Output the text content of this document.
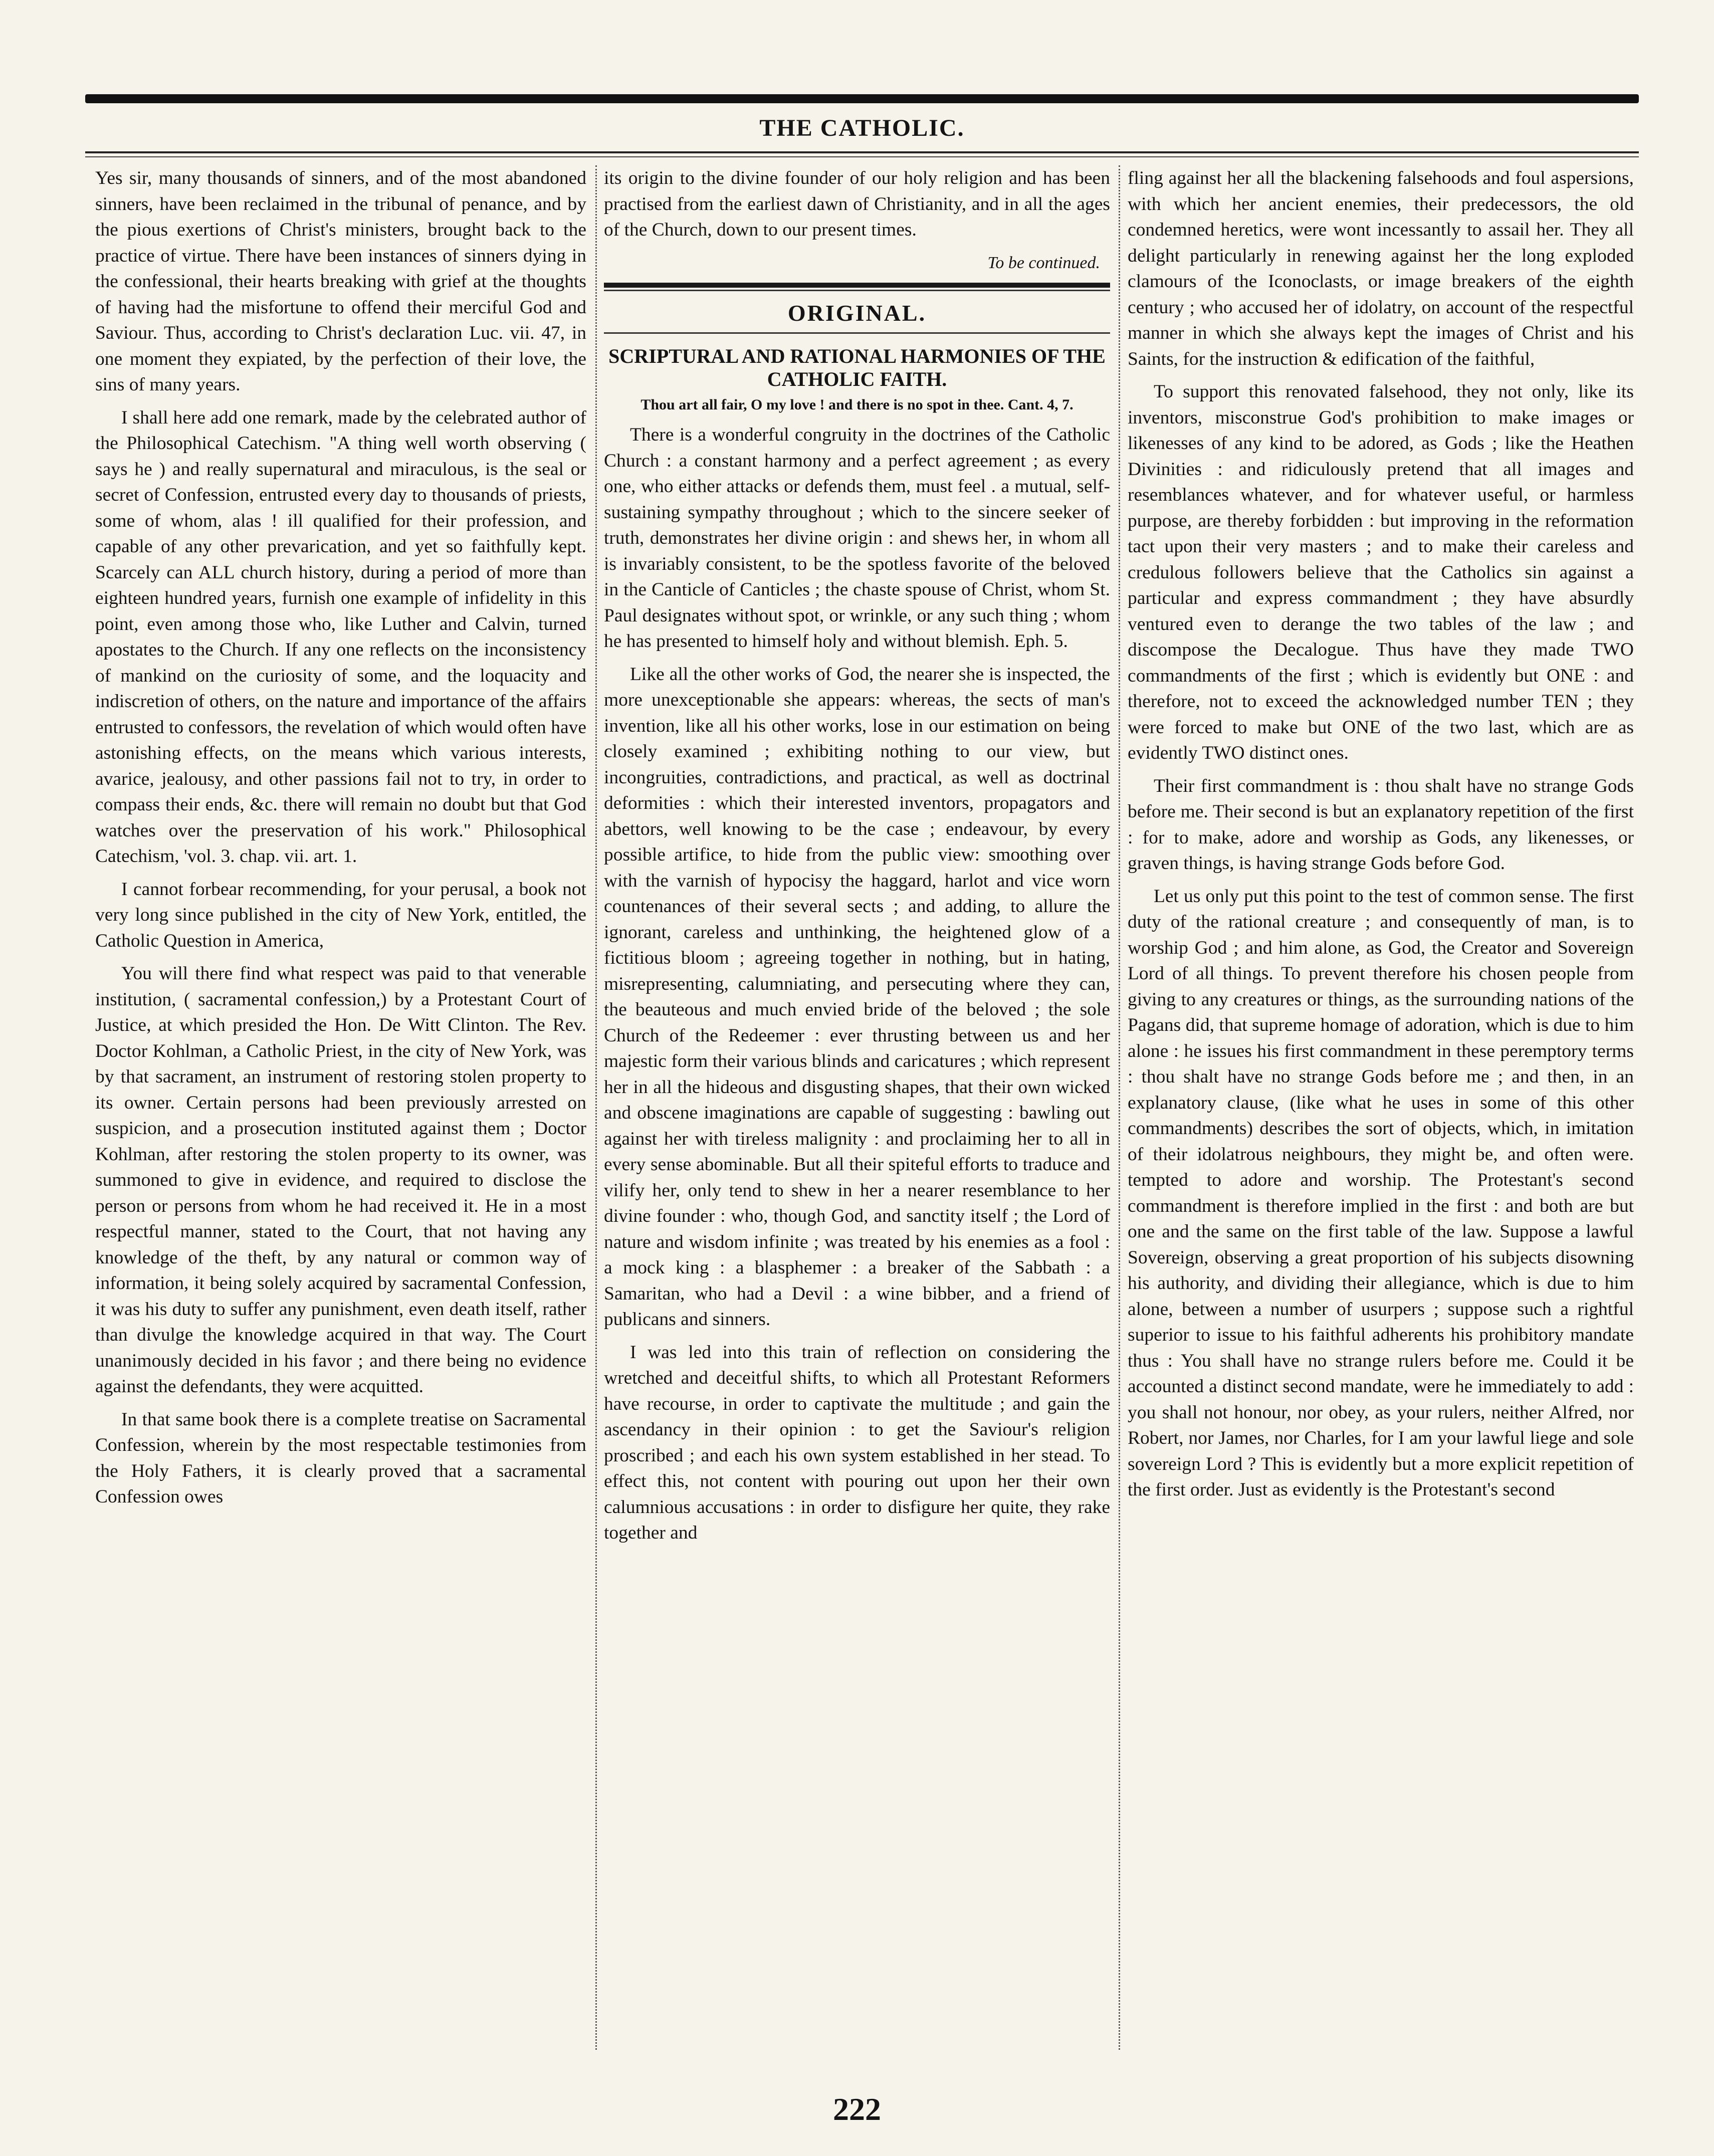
THE CATHOLIC.

Yes sir, many thousands of sinners, and of the most abandoned sinners, have been reclaimed in the tribunal of penance, and by the pious exertions of Christ's ministers, brought back to the practice of virtue. There have been instances of sinners dying in the confessional, their hearts breaking with grief at the thoughts of having had the misfortune to offend their merciful God and Saviour. Thus, according to Christ's declaration Luc. vii. 47, in one moment they expiated, by the perfection of their love, the sins of many years.

I shall here add one remark, made by the celebrated author of the Philosophical Catechism. "A thing well worth observing ( says he ) and really supernatural and miraculous, is the seal or secret of Confession, entrusted every day to thousands of priests, some of whom, alas ! ill qualified for their profession, and capable of any other prevarication, and yet so faithfully kept. Scarcely can ALL church history, during a period of more than eighteen hundred years, furnish one example of infidelity in this point, even among those who, like Luther and Calvin, turned apostates to the Church. If any one reflects on the inconsistency of mankind on the curiosity of some, and the loquacity and indiscretion of others, on the nature and importance of the affairs entrusted to confessors, the revelation of which would often have astonishing effects, on the means which various interests, avarice, jealousy, and other passions fail not to try, in order to compass their ends, &c. there will remain no doubt but that God watches over the preservation of his work." Philosophical Catechism, 'vol. 3. chap. vii. art. 1.

I cannot forbear recommending, for your perusal, a book not very long since published in the city of New York, entitled, the Catholic Question in America,

You will there find what respect was paid to that venerable institution, ( sacramental confession,) by a Protestant Court of Justice, at which presided the Hon. De Witt Clinton. The Rev. Doctor Kohlman, a Catholic Priest, in the city of New York, was by that sacrament, an instrument of restoring stolen property to its owner. Certain persons had been previously arrested on suspicion, and a prosecution instituted against them ; Doctor Kohlman, after restoring the stolen property to its owner, was summoned to give in evidence, and required to disclose the person or persons from whom he had received it. He in a most respectful manner, stated to the Court, that not having any knowledge of the theft, by any natural or common way of information, it being solely acquired by sacramental Confession, it was his duty to suffer any punishment, even death itself, rather than divulge the knowledge acquired in that way. The Court unanimously decided in his favor ; and there being no evidence against the defendants, they were acquitted.

In that same book there is a complete treatise on Sacramental Confession, wherein by the most respectable testimonies from the Holy Fathers, it is clearly proved that a sacramental Confession owes

its origin to the divine founder of our holy religion and has been practised from the earliest dawn of Christianity, and in all the ages of the Church, down to our present times.

To be continued.
ORIGINAL.
SCRIPTURAL AND RATIONAL HARMONIES OF THE CATHOLIC FAITH.
Thou art all fair, O my love ! and there is no spot in thee. Cant. 4, 7.

There is a wonderful congruity in the doctrines of the Catholic Church : a constant harmony and a perfect agreement ; as every one, who either attacks or defends them, must feel . a mutual, self-sustaining sympathy throughout ; which to the sincere seeker of truth, demonstrates her divine origin : and shews her, in whom all is invariably consistent, to be the spotless favorite of the beloved in the Canticle of Canticles ; the chaste spouse of Christ, whom St. Paul designates without spot, or wrinkle, or any such thing ; whom he has presented to himself holy and without blemish. Eph. 5.

Like all the other works of God, the nearer she is inspected, the more unexceptionable she appears: whereas, the sects of man's invention, like all his other works, lose in our estimation on being closely examined ; exhibiting nothing to our view, but incongruities, contradictions, and practical, as well as doctrinal deformities : which their interested inventors, propagators and abettors, well knowing to be the case ; endeavour, by every possible artifice, to hide from the public view: smoothing over with the varnish of hypocisy the haggard, harlot and vice worn countenances of their several sects ; and adding, to allure the ignorant, careless and unthinking, the heightened glow of a fictitious bloom ; agreeing together in nothing, but in hating, misrepresenting, calumniating, and persecuting where they can, the beauteous and much envied bride of the beloved ; the sole Church of the Redeemer : ever thrusting between us and her majestic form their various blinds and caricatures ; which represent her in all the hideous and disgusting shapes, that their own wicked and obscene imaginations are capable of suggesting : bawling out against her with tireless malignity : and proclaiming her to all in every sense abominable. But all their spiteful efforts to traduce and vilify her, only tend to shew in her a nearer resemblance to her divine founder : who, though God, and sanctity itself ; the Lord of nature and wisdom infinite ; was treated by his enemies as a fool : a mock king : a blasphemer : a breaker of the Sabbath : a Samaritan, who had a Devil : a wine bibber, and a friend of publicans and sinners.

I was led into this train of reflection on considering the wretched and deceitful shifts, to which all Protestant Reformers have recourse, in order to captivate the multitude ; and gain the ascendancy in their opinion : to get the Saviour's religion proscribed ; and each his own system established in her stead. To effect this, not content with pouring out upon her their own calumnious accusations : in order to disfigure her quite, they rake together and

fling against her all the blackening falsehoods and foul aspersions, with which her ancient enemies, their predecessors, the old condemned heretics, were wont incessantly to assail her. They all delight particularly in renewing against her the long exploded clamours of the Iconoclasts, or image breakers of the eighth century ; who accused her of idolatry, on account of the respectful manner in which she always kept the images of Christ and his Saints, for the instruction & edification of the faithful,

To support this renovated falsehood, they not only, like its inventors, misconstrue God's prohibition to make images or likenesses of any kind to be adored, as Gods ; like the Heathen Divinities : and ridiculously pretend that all images and resemblances whatever, and for whatever useful, or harmless purpose, are thereby forbidden : but improving in the reformation tact upon their very masters ; and to make their careless and credulous followers believe that the Catholics sin against a particular and express commandment ; they have absurdly ventured even to derange the two tables of the law ; and discompose the Decalogue. Thus have they made TWO commandments of the first ; which is evidently but ONE : and therefore, not to exceed the acknowledged number TEN ; they were forced to make but ONE of the two last, which are as evidently TWO distinct ones.

Their first commandment is : thou shalt have no strange Gods before me. Their second is but an explanatory repetition of the first : for to make, adore and worship as Gods, any likenesses, or graven things, is having strange Gods before God.

Let us only put this point to the test of common sense. The first duty of the rational creature ; and consequently of man, is to worship God ; and him alone, as God, the Creator and Sovereign Lord of all things. To prevent therefore his chosen people from giving to any creatures or things, as the surrounding nations of the Pagans did, that supreme homage of adoration, which is due to him alone : he issues his first commandment in these peremptory terms : thou shalt have no strange Gods before me ; and then, in an explanatory clause, (like what he uses in some of this other commandments) describes the sort of objects, which, in imitation of their idolatrous neighbours, they might be, and often were. tempted to adore and worship. The Protestant's second commandment is therefore implied in the first : and both are but one and the same on the first table of the law. Suppose a lawful Sovereign, observing a great proportion of his subjects disowning his authority, and dividing their allegiance, which is due to him alone, between a number of usurpers ; suppose such a rightful superior to issue to his faithful adherents his prohibitory mandate thus : You shall have no strange rulers before me. Could it be accounted a distinct second mandate, were he immediately to add : you shall not honour, nor obey, as your rulers, neither Alfred, nor Robert, nor James, nor Charles, for I am your lawful liege and sole sovereign Lord ? This is evidently but a more explicit repetition of the first order. Just as evidently is the Protestant's second

222
